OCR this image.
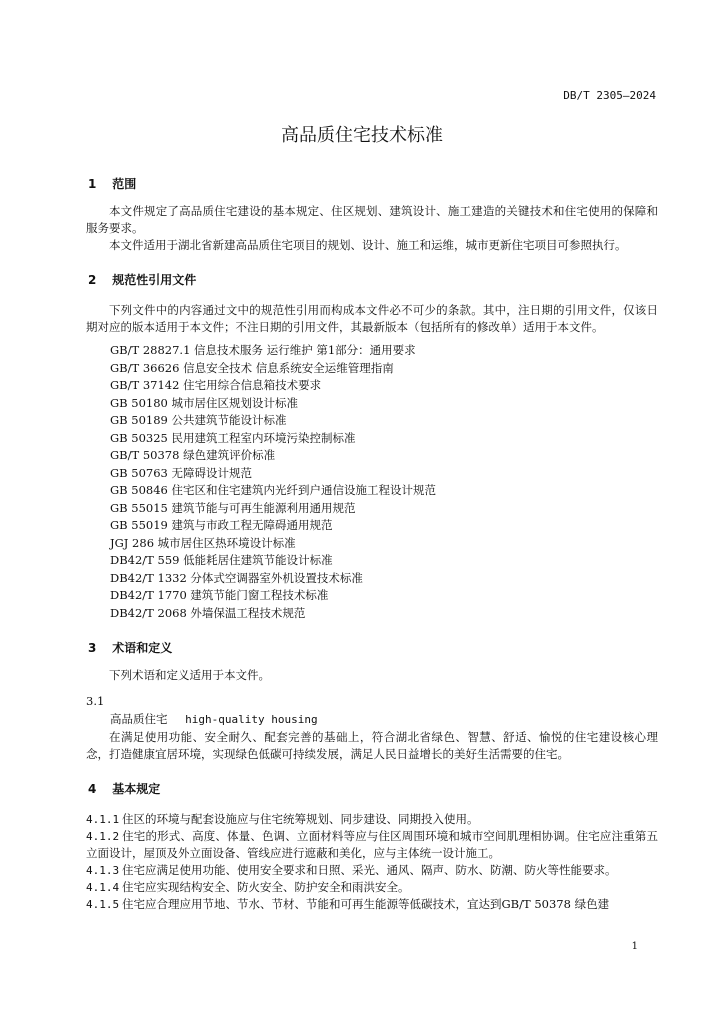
DB/T 2305—2024
高品质住宅技术标准
1 范围

本文件规定了高品质住宅建设的基本规定、住区规划、建筑设计、施工建造的关键技术和住宅使用的保障和服务要求。

本文件适用于湖北省新建高品质住宅项目的规划、设计、施工和运维，城市更新住宅项目可参照执行。

2 规范性引用文件

下列文件中的内容通过文中的规范性引用而构成本文件必不可少的条款。其中，注日期的引用文件，仅该日期对应的版本适用于本文件；不注日期的引用文件，其最新版本（包括所有的修改单）适用于本文件。

GB/T 28827.1 信息技术服务 运行维护 第1部分：通用要求
GB/T 36626 信息安全技术 信息系统安全运维管理指南
GB/T 37142 住宅用综合信息箱技术要求
GB 50180 城市居住区规划设计标准
GB 50189 公共建筑节能设计标准
GB 50325 民用建筑工程室内环境污染控制标准
GB/T 50378 绿色建筑评价标准
GB 50763 无障碍设计规范
GB 50846 住宅区和住宅建筑内光纤到户通信设施工程设计规范
GB 55015 建筑节能与可再生能源利用通用规范
GB 55019 建筑与市政工程无障碍通用规范
JGJ 286 城市居住区热环境设计标准
DB42/T 559 低能耗居住建筑节能设计标准
DB42/T 1332 分体式空调器室外机设置技术标准
DB42/T 1770 建筑节能门窗工程技术标准
DB42/T 2068 外墙保温工程技术规范
3 术语和定义

下列术语和定义适用于本文件。

3.1
高品质住宅 high-quality housing

在满足使用功能、安全耐久、配套完善的基础上，符合湖北省绿色、智慧、舒适、愉悦的住宅建设核心理念，打造健康宜居环境，实现绿色低碳可持续发展，满足人民日益增长的美好生活需要的住宅。

4 基本规定
4.1.1 住区的环境与配套设施应与住宅统筹规划、同步建设、同期投入使用。
4.1.2 住宅的形式、高度、体量、色调、立面材料等应与住区周围环境和城市空间肌理相协调。住宅应注重第五立面设计，屋顶及外立面设备、管线应进行遮蔽和美化，应与主体统一设计施工。
4.1.3 住宅应满足使用功能、使用安全要求和日照、采光、通风、隔声、防水、防潮、防火等性能要求。
4.1.4 住宅应实现结构安全、防火安全、防护安全和雨洪安全。
4.1.5 住宅应合理应用节地、节水、节材、节能和可再生能源等低碳技术，宜达到GB/T 50378 绿色建
1
